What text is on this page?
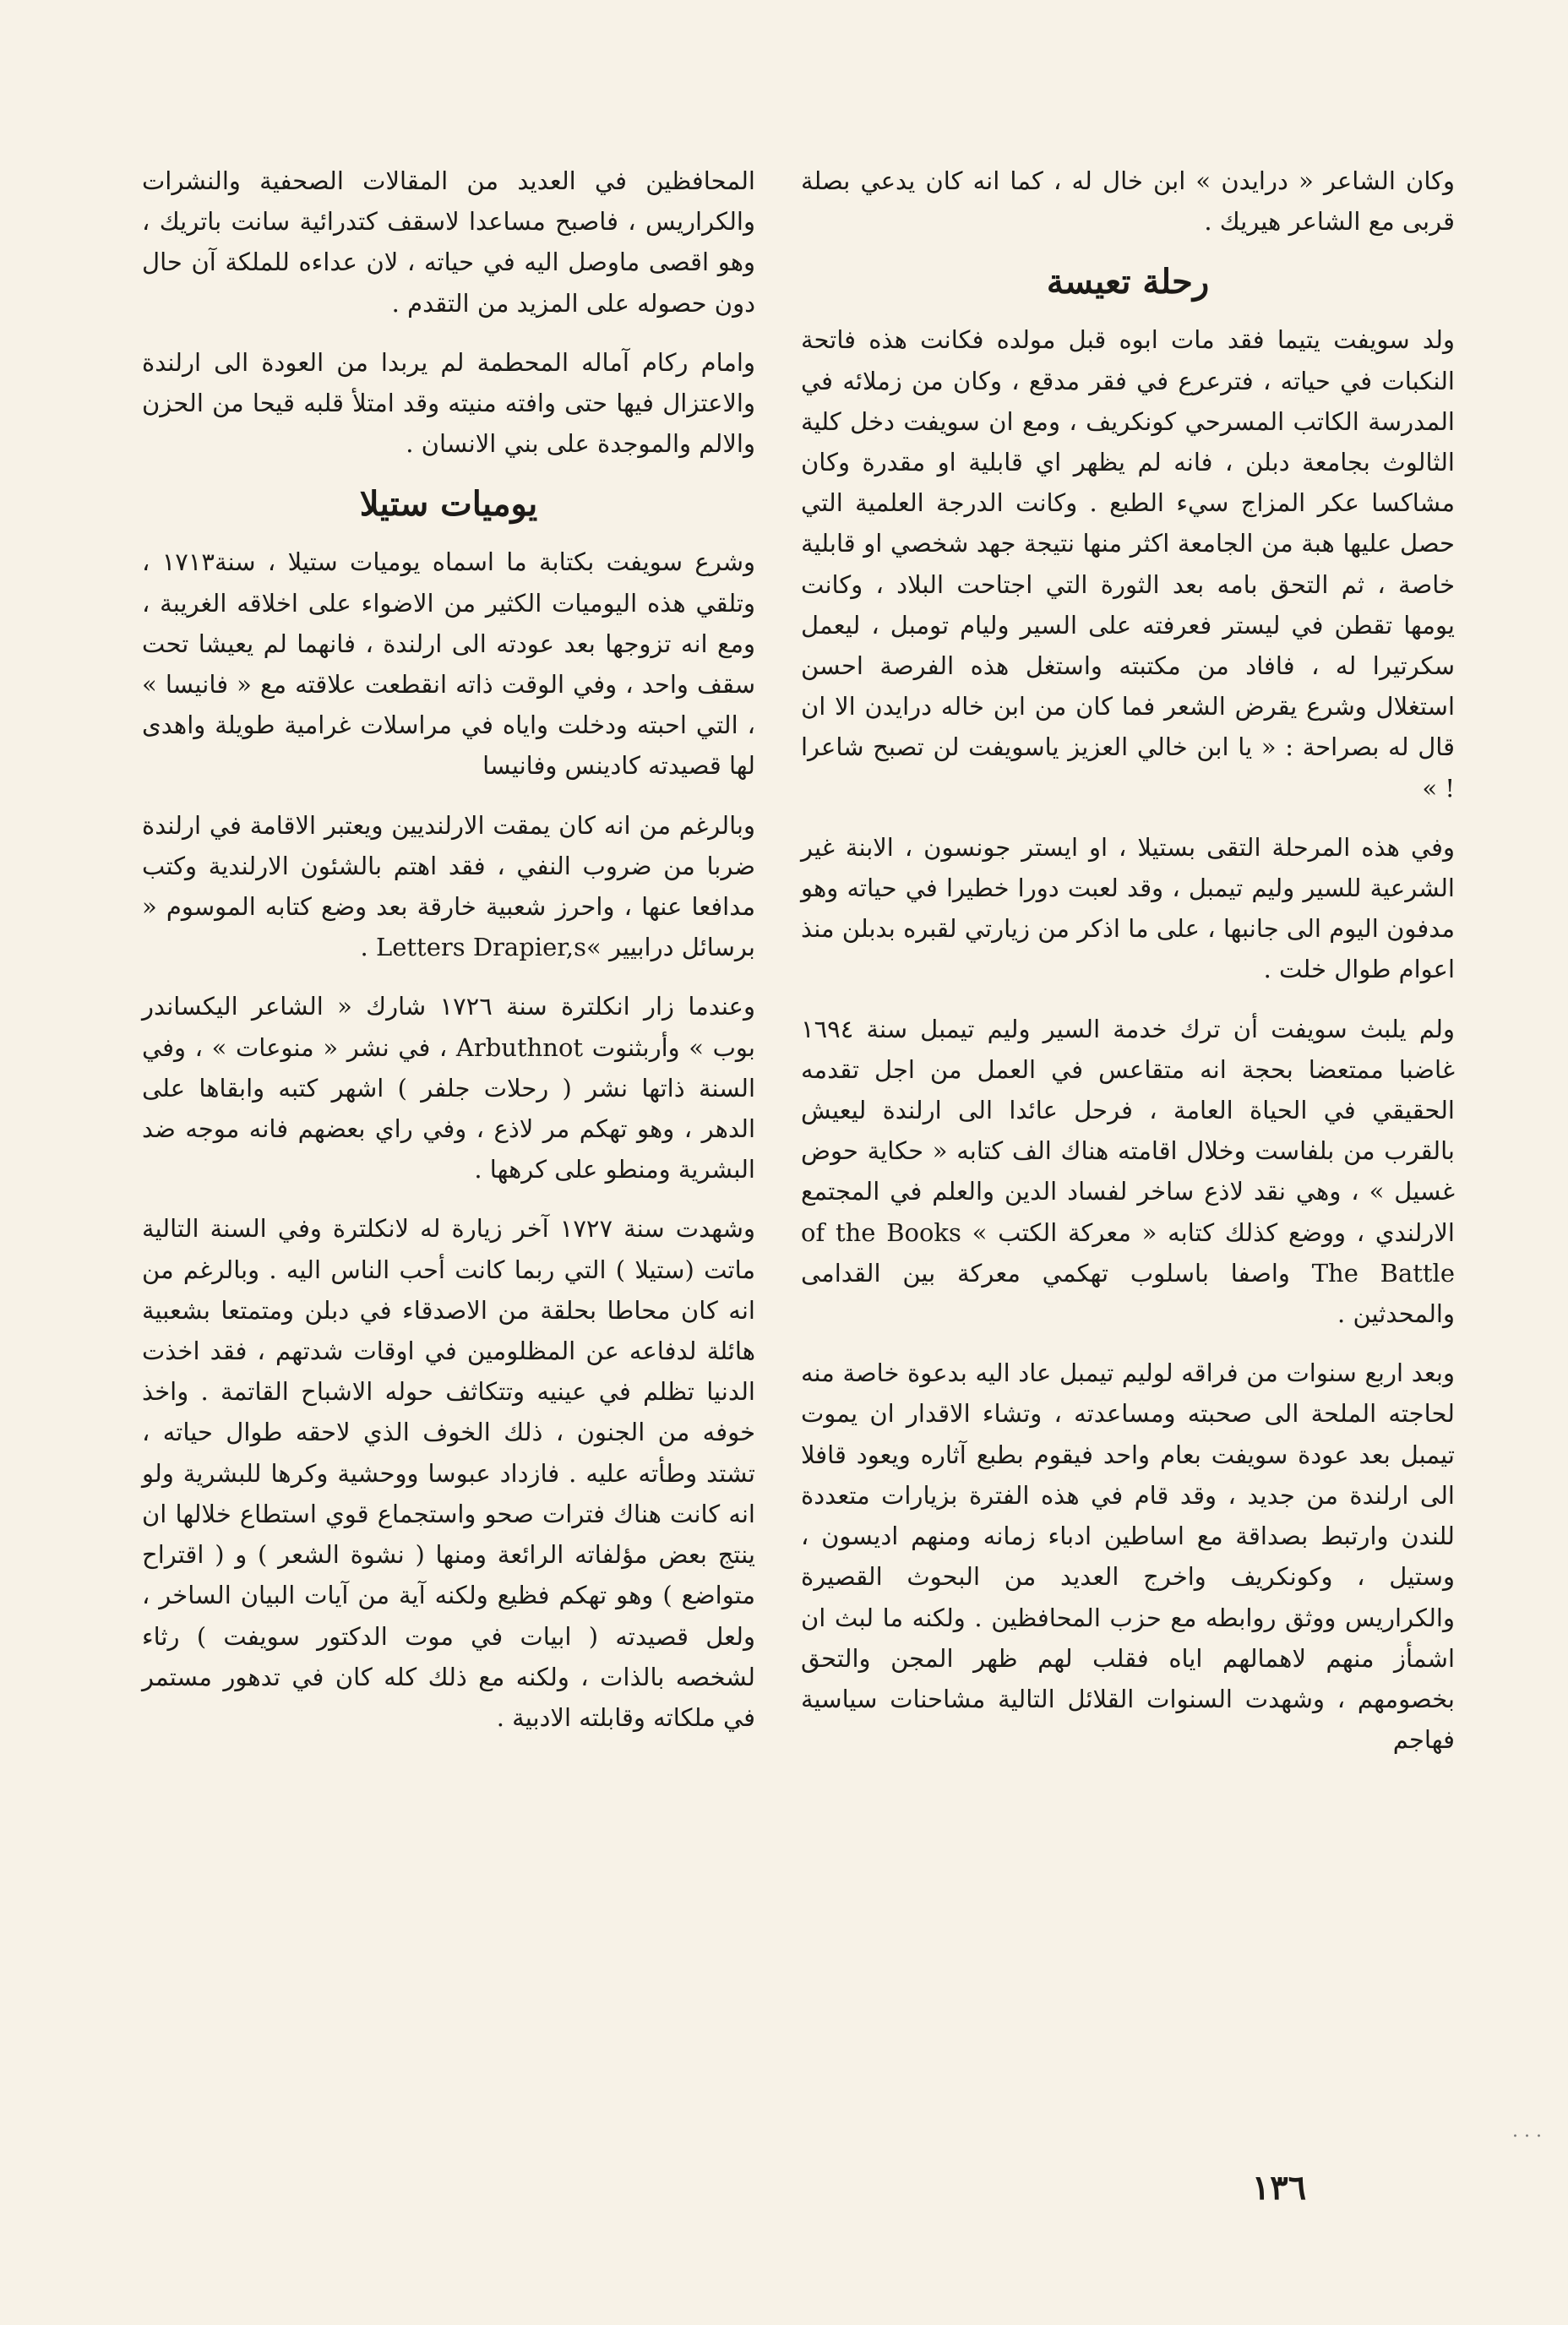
وكان الشاعر « درايدن » ابن خال له ، كما انه كان يدعي بصلة قربى مع الشاعر هيريك .

رحلة تعيسة

ولد سويفت يتيما فقد مات ابوه قبل مولده فكانت هذه فاتحة النكبات في حياته ، فترعرع في فقر مدقع ، وكان من زملائه في المدرسة الكاتب المسرحي كونكريف ، ومع ان سويفت دخل كلية الثالوث بجامعة دبلن ، فانه لم يظهر اي قابلية او مقدرة وكان مشاكسا عكر المزاج سيء الطبع . وكانت الدرجة العلمية التي حصل عليها هبة من الجامعة اكثر منها نتيجة جهد شخصي او قابلية خاصة ، ثم التحق بامه بعد الثورة التي اجتاحت البلاد ، وكانت يومها تقطن في ليستر فعرفته على السير وليام تومبل ، ليعمل سكرتيرا له ، فافاد من مكتبته واستغل هذه الفرصة احسن استغلال وشرع يقرض الشعر فما كان من ابن خاله درايدن الا ان قال له بصراحة : « يا ابن خالي العزيز ياسويفت لن تصبح شاعرا ! »

وفي هذه المرحلة التقى بستيلا ، او ايستر جونسون ، الابنة غير الشرعية للسير وليم تيمبل ، وقد لعبت دورا خطيرا في حياته وهو مدفون اليوم الى جانبها ، على ما اذكر من زيارتي لقبره بدبلن منذ اعوام طوال خلت .

ولم يلبث سويفت أن ترك خدمة السير وليم تيمبل سنة ١٦٩٤ غاضبا ممتعضا بحجة انه متقاعس في العمل من اجل تقدمه الحقيقي في الحياة العامة ، فرحل عائدا الى ارلندة ليعيش بالقرب من بلفاست وخلال اقامته هناك الف كتابه « حكاية حوض غسيل » ، وهي نقد لاذع ساخر لفساد الدين والعلم في المجتمع الارلندي ، ووضع كذلك كتابه « معركة الكتب » of the Books The Battle واصفا باسلوب تهكمي معركة بين القدامى والمحدثين .

وبعد اربع سنوات من فراقه لوليم تيمبل عاد اليه بدعوة خاصة منه لحاجته الملحة الى صحبته ومساعدته ، وتشاء الاقدار ان يموت تيمبل بعد عودة سويفت بعام واحد فيقوم بطبع آثاره ويعود قافلا الى ارلندة من جديد ، وقد قام في هذه الفترة بزيارات متعددة للندن وارتبط بصداقة مع اساطين ادباء زمانه ومنهم اديسون ، وستيل ، وكونكريف واخرج العديد من البحوث القصيرة والكراريس ووثق روابطه مع حزب المحافظين . ولكنه ما لبث ان اشمأز منهم لاهمالهم اياه فقلب لهم ظهر المجن والتحق بخصومهم ، وشهدت السنوات القلائل التالية مشاحنات سياسية فهاجم

المحافظين في العديد من المقالات الصحفية والنشرات والكراريس ، فاصبح مساعدا لاسقف كتدرائية سانت باتريك ، وهو اقصى ماوصل اليه في حياته ، لان عداءه للملكة آن حال دون حصوله على المزيد من التقدم .

وامام ركام آماله المحطمة لم يربدا من العودة الى ارلندة والاعتزال فيها حتى وافته منيته وقد امتلأ قلبه قيحا من الحزن والالم والموجدة على بني الانسان .

يوميات ستيلا

وشرع سويفت بكتابة ما اسماه يوميات ستيلا ، سنة١٧١٣ ، وتلقي هذه اليوميات الكثير من الاضواء على اخلاقه الغريبة ، ومع انه تزوجها بعد عودته الى ارلندة ، فانهما لم يعيشا تحت سقف واحد ، وفي الوقت ذاته انقطعت علاقته مع « فانيسا » ، التي احبته ودخلت واياه في مراسلات غرامية طويلة واهدى لها قصيدته كادينس وفانيسا

وبالرغم من انه كان يمقت الارلنديين ويعتبر الاقامة في ارلندة ضربا من ضروب النفي ، فقد اهتم بالشئون الارلندية وكتب مدافعا عنها ، واحرز شعبية خارقة بعد وضع كتابه الموسوم « برسائل درابيير »Letters Drapier,s .

وعندما زار انكلترة سنة ١٧٢٦ شارك « الشاعر اليكساندر بوب » وأربثنوت Arbuthnot ، في نشر « منوعات » ، وفي السنة ذاتها نشر ( رحلات جلفر ) اشهر كتبه وابقاها على الدهر ، وهو تهكم مر لاذع ، وفي راي بعضهم فانه موجه ضد البشرية ومنطو على كرهها .

وشهدت سنة ١٧٢٧ آخر زيارة له لانكلترة وفي السنة التالية ماتت (ستيلا ) التي ربما كانت أحب الناس اليه . وبالرغم من انه كان محاطا بحلقة من الاصدقاء في دبلن ومتمتعا بشعبية هائلة لدفاعه عن المظلومين في اوقات شدتهم ، فقد اخذت الدنيا تظلم في عينيه وتتكاثف حوله الاشباح القاتمة . واخذ خوفه من الجنون ، ذلك الخوف الذي لاحقه طوال حياته ، تشتد وطأته عليه . فازداد عبوسا ووحشية وكرها للبشرية ولو انه كانت هناك فترات صحو واستجماع قوي استطاع خلالها ان ينتج بعض مؤلفاته الرائعة ومنها ( نشوة الشعر ) و ( اقتراح متواضع ) وهو تهكم فظيع ولكنه آية من آيات البيان الساخر ، ولعل قصيدته ( ابيات في موت الدكتور سويفت ) رثاء لشخصه بالذات ، ولكنه مع ذلك كله كان في تدهور مستمر في ملكاته وقابلته الادبية .

١٣٦
. . .
